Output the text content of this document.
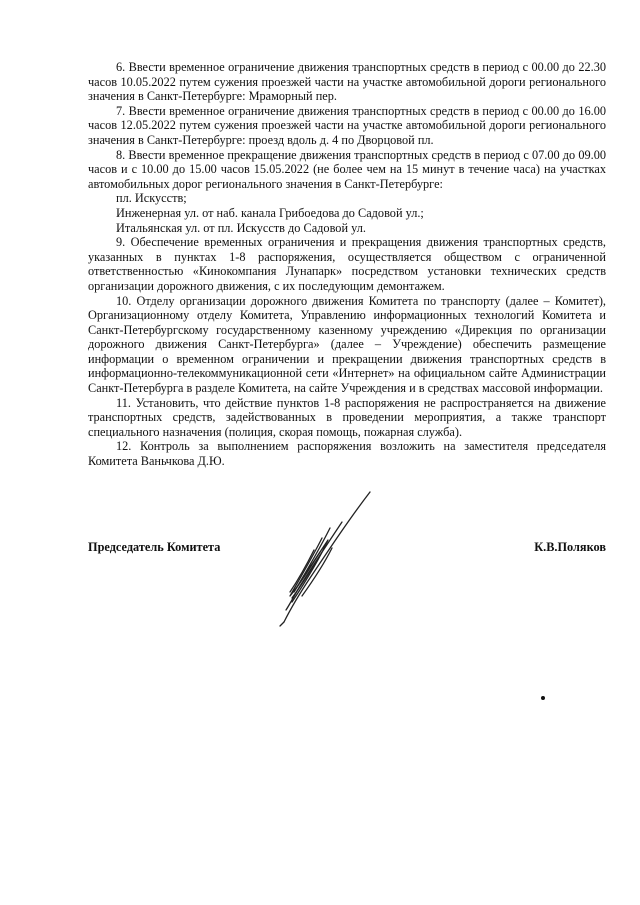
6. Ввести временное ограничение движения транспортных средств в период с 00.00 до 22.30 часов 10.05.2022 путем сужения проезжей части на участке автомобильной дороги регионального значения в Санкт-Петербурге: Мраморный пер.

7. Ввести временное ограничение движения транспортных средств в период с 00.00 до 16.00 часов 12.05.2022 путем сужения проезжей части на участке автомобильной дороги регионального значения в Санкт-Петербурге: проезд вдоль д. 4 по Дворцовой пл.

8. Ввести временное прекращение движения транспортных средств в период с 07.00 до 09.00 часов и с 10.00 до 15.00 часов 15.05.2022 (не более чем на 15 минут в течение часа) на участках автомобильных дорог регионального значения в Санкт-Петербурге:

пл. Искусств;

Инженерная ул. от наб. канала Грибоедова до Садовой ул.;

Итальянская ул. от пл. Искусств до Садовой ул.

9. Обеспечение временных ограничения и прекращения движения транспортных средств, указанных в пунктах 1-8 распоряжения, осуществляется обществом с ограниченной ответственностью «Кинокомпания Лунапарк» посредством установки технических средств организации дорожного движения, с их последующим демонтажем.

10. Отделу организации дорожного движения Комитета по транспорту (далее – Комитет), Организационному отделу Комитета, Управлению информационных технологий Комитета и Санкт-Петербургскому государственному казенному учреждению «Дирекция по организации дорожного движения Санкт-Петербурга» (далее – Учреждение) обеспечить размещение информации о временном ограничении и прекращении движения транспортных средств в информационно-телекоммуникационной сети «Интернет» на официальном сайте Администрации Санкт-Петербурга в разделе Комитета, на сайте Учреждения и в средствах массовой информации.

11. Установить, что действие пунктов 1-8 распоряжения не распространяется на движение транспортных средств, задействованных в проведении мероприятия, а также транспорт специального назначения (полиция, скорая помощь, пожарная служба).

12. Контроль за выполнением распоряжения возложить на заместителя председателя Комитета Ваньчкова Д.Ю.

Председатель Комитета	К.В.Поляков
